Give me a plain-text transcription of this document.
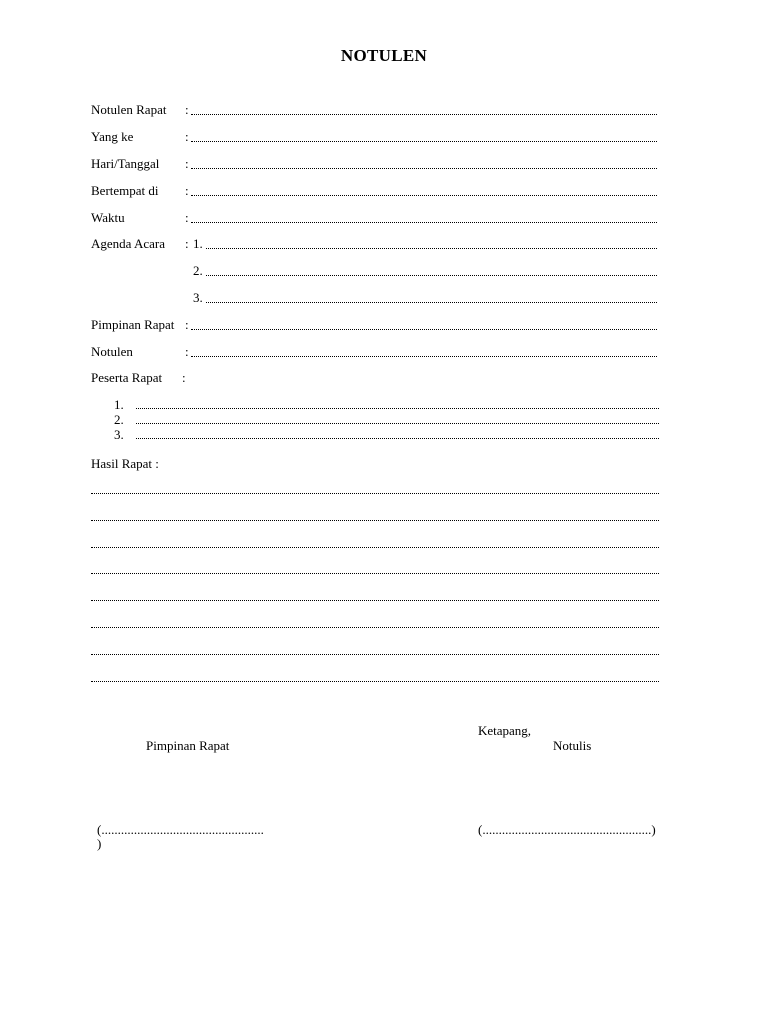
NOTULEN
Notulen Rapat :
Yang ke	:
Hari/Tanggal :
Bertempat di :
Waktu	:
Agenda Acara : 1.
2.
3.
Pimpinan Rapat :
Notulen	:
Peserta Rapat :
1.
2.
3.
Hasil Rapat :
Ketapang,
Pimpinan Rapat	Notulis
(..................................................
)
(....................................................)
